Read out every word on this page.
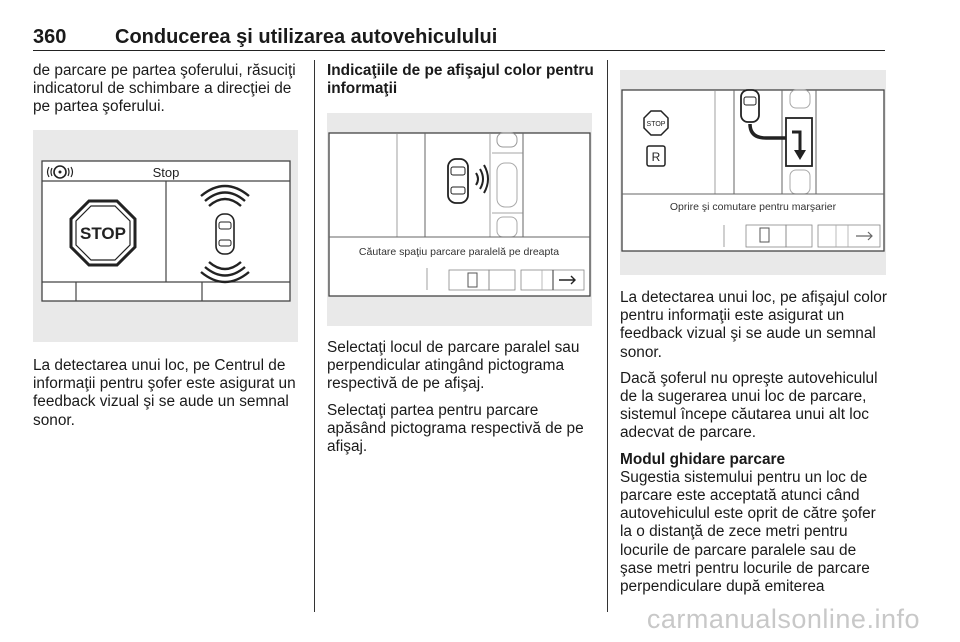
360 Conducerea şi utilizarea autovehiculului

de parcare pe partea şoferului, răsuciţi indicatorul de schimbare a direcţiei de pe partea şoferului.

Stop
STOP

La detectarea unui loc, pe Centrul de informaţii pentru şofer este asigurat un feedback vizual şi se aude un semnal sonor.

Indicaţiile de pe afişajul color pentru informaţii
Căutare spaţiu parcare paralelă pe dreapta

Selectaţi locul de parcare paralel sau perpendicular atingând pictograma respectivă de pe afişaj.

Selectaţi partea pentru parcare apăsând pictograma respectivă de pe afişaj.

STOP
R
Oprire şi comutare pentru marşarier

La detectarea unui loc, pe afişajul color pentru informaţii este asigurat un feedback vizual şi se aude un semnal sonor.

Dacă şoferul nu opreşte autovehiculul de la sugerarea unui loc de parcare, sistemul începe căutarea unui alt loc adecvat de parcare.

Modul ghidare parcare

Sugestia sistemului pentru un loc de parcare este acceptată atunci când autovehiculul este oprit de către şofer la o distanţă de zece metri pentru locurile de parcare paralele sau de şase metri pentru locurile de parcare perpendiculare după emiterea

carmanualsonline.info
